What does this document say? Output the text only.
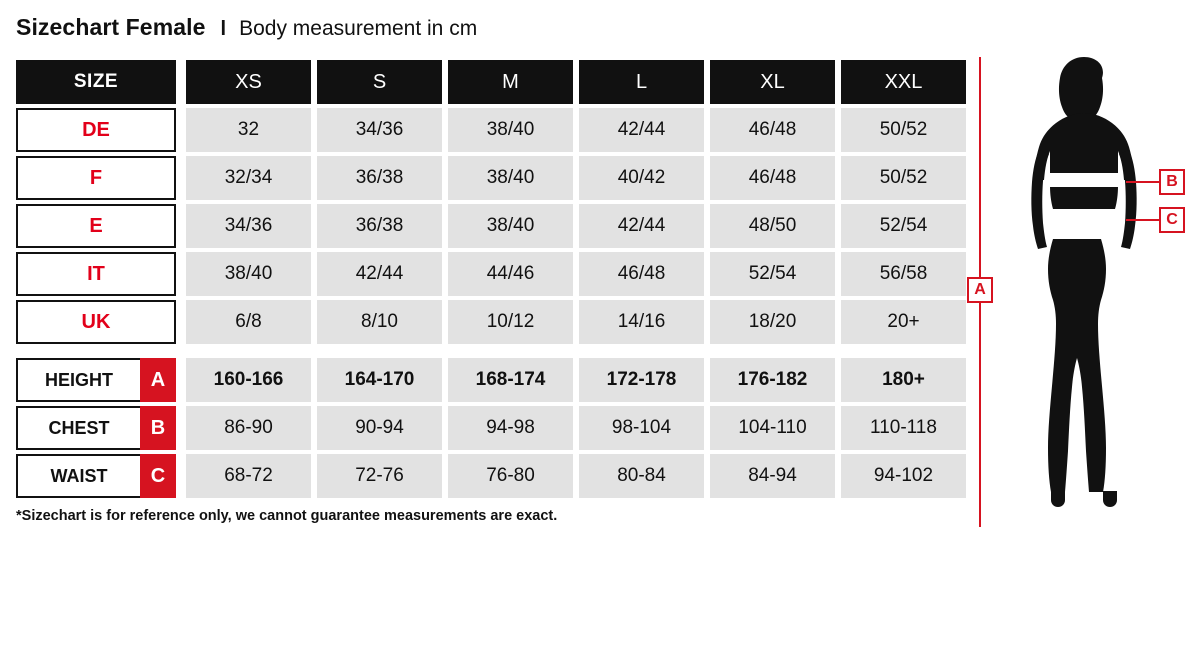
Sizechart Female l Body measurement in cm
SIZE	XS	S	M	L	XL	XXL
DE	32	34/36	38/40	42/44	46/48	50/52
F	32/34	36/38	38/40	40/42	46/48	50/52
E	34/36	36/38	38/40	42/44	48/50	52/54
IT	38/40	42/44	44/46	46/48	52/54	56/58
UK	6/8	8/10	10/12	14/16	18/20	20+
HEIGHT	A	160-166	164-170	168-174	172-178	176-182	180+
CHEST	B	86-90	90-94	94-98	98-104	104-110	110-118
WAIST	C	68-72	72-76	76-80	80-84	84-94	94-102
*Sizechart is for reference only, we cannot guarantee measurements are exact.
A
B
C
